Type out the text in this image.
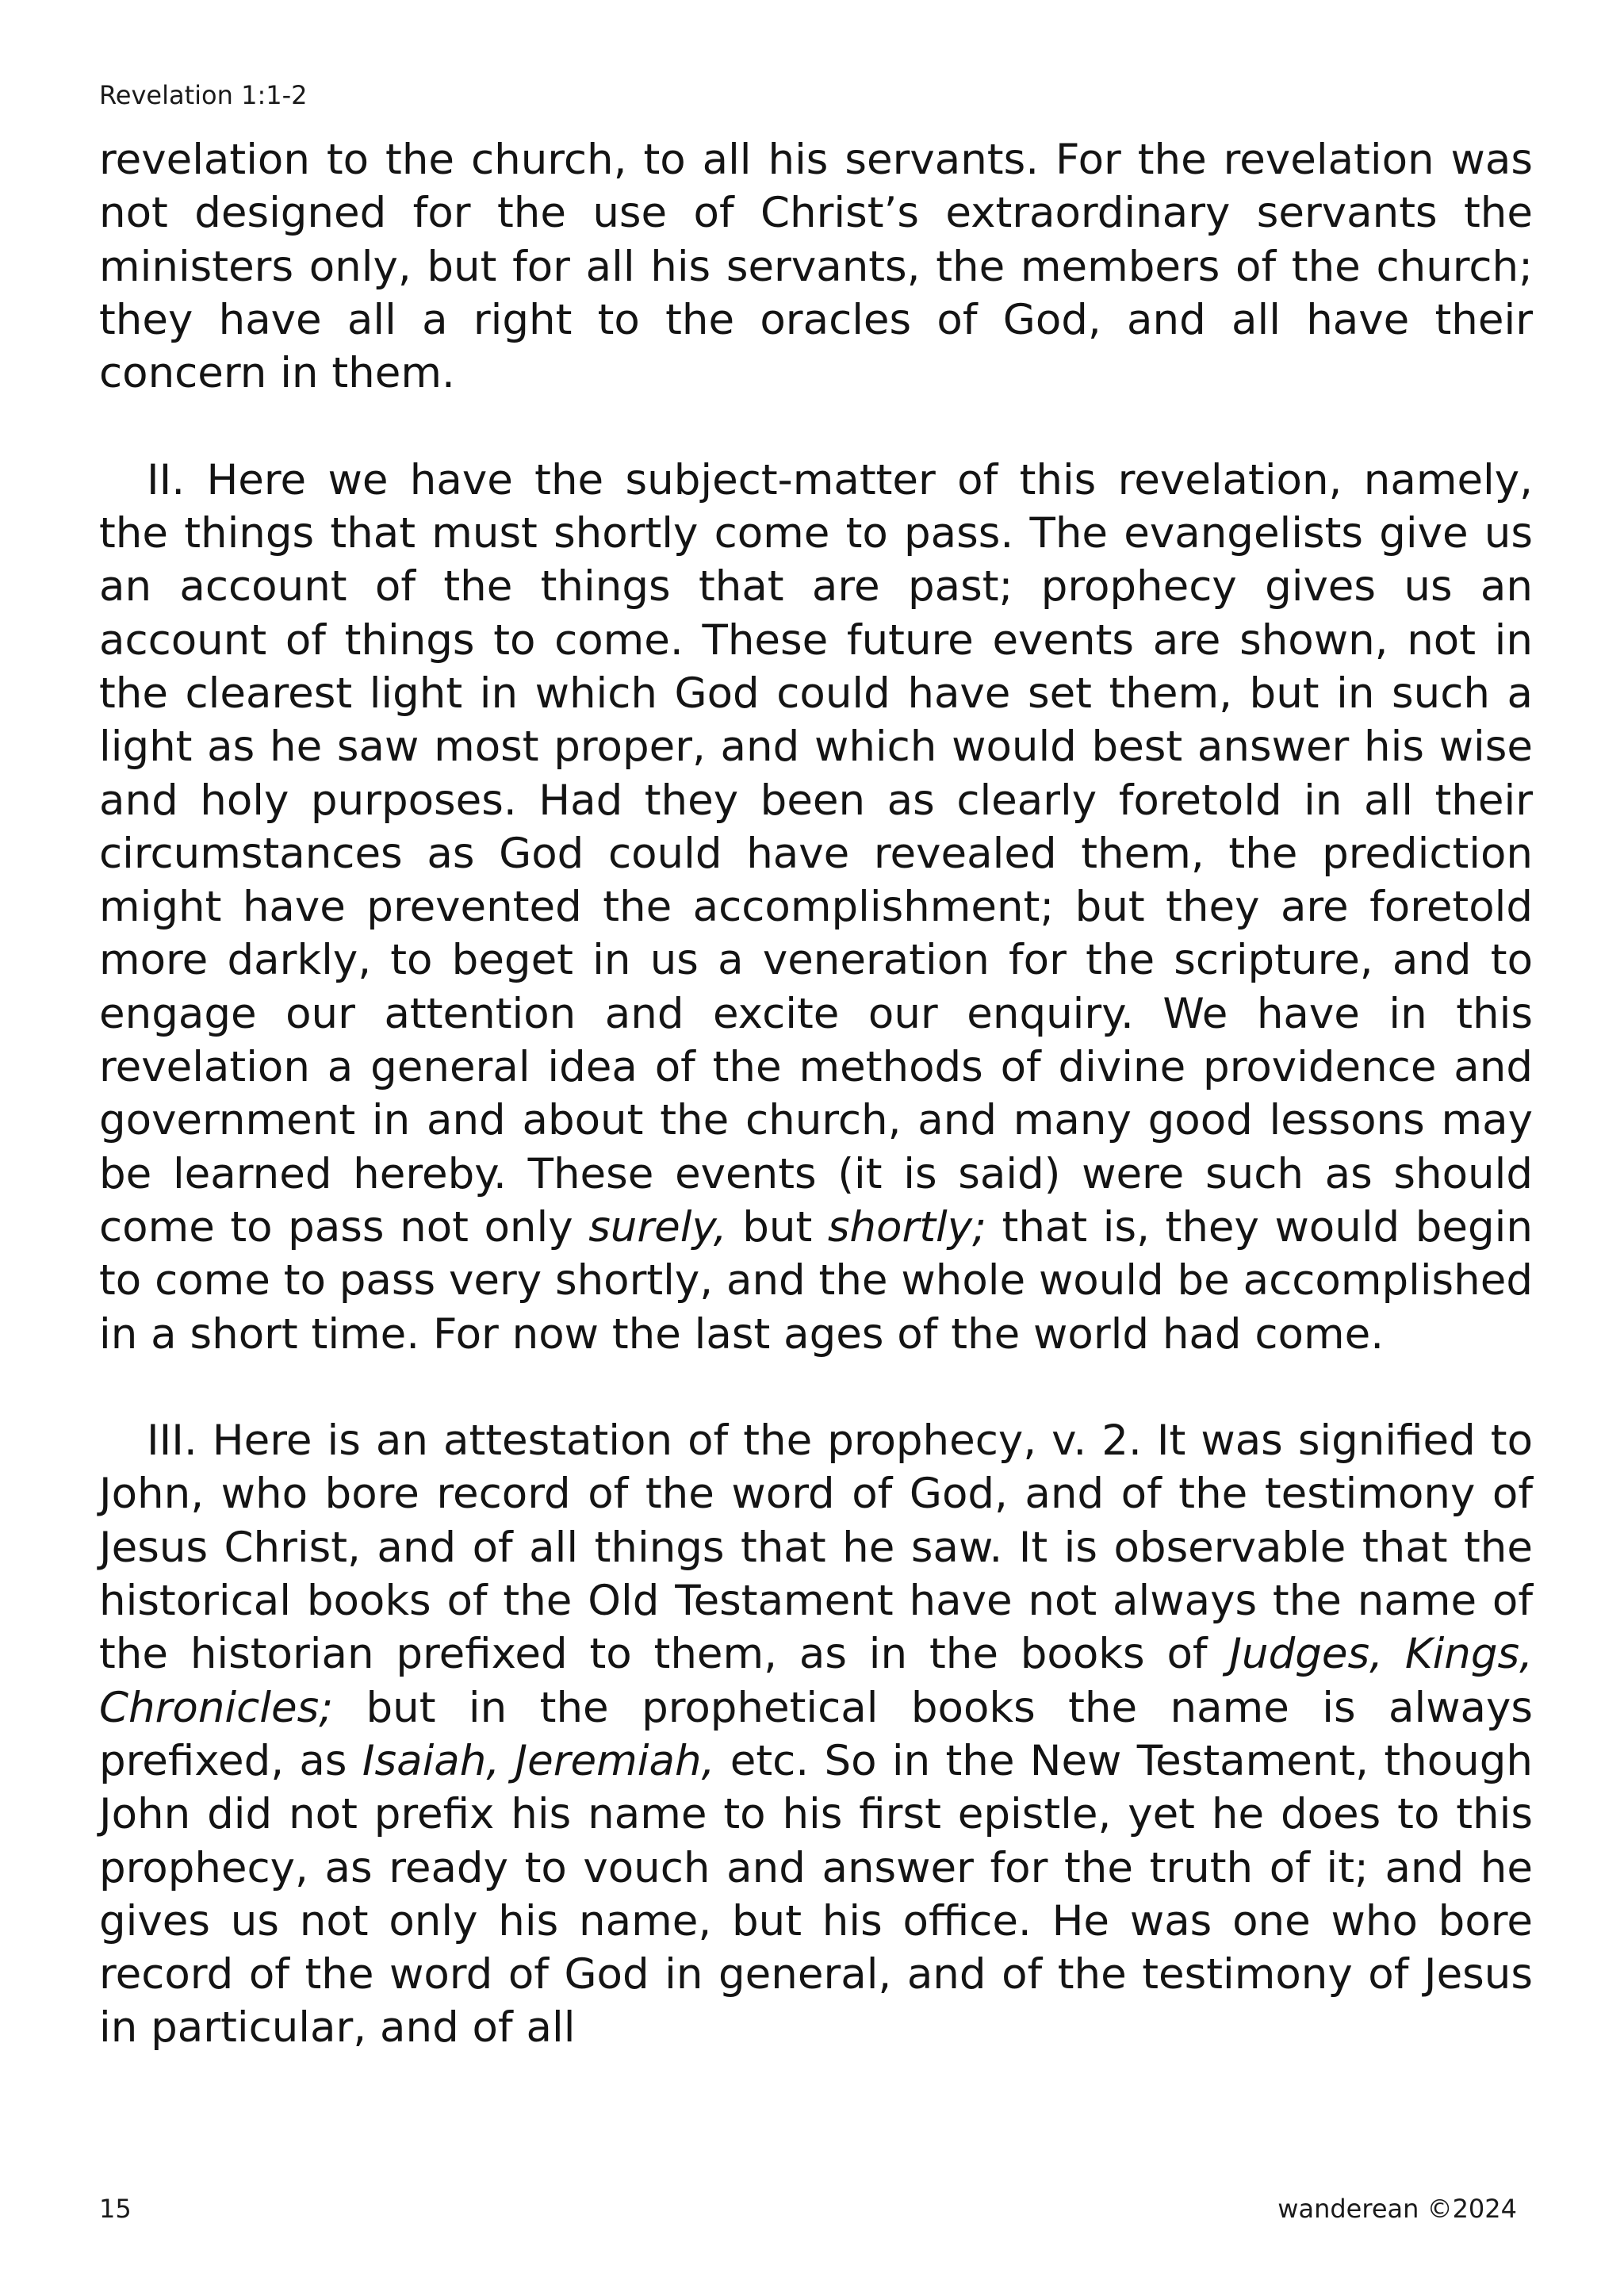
Revelation 1:1-2

revelation to the church, to all his servants. For the revelation was not designed for the use of Christ’s extraordinary servants the ministers only, but for all his servants, the members of the church; they have all a right to the oracles of God, and all have their concern in them.

II. Here we have the subject-matter of this revelation, namely, the things that must shortly come to pass. The evangelists give us an account of the things that are past; prophecy gives us an account of things to come. These future events are shown, not in the clearest light in which God could have set them, but in such a light as he saw most proper, and which would best answer his wise and holy purposes. Had they been as clearly foretold in all their circumstances as God could have revealed them, the prediction might have prevented the accomplishment; but they are foretold more darkly, to beget in us a veneration for the scripture, and to engage our attention and excite our enquiry. We have in this revelation a general idea of the methods of divine providence and government in and about the church, and many good lessons may be learned hereby. These events (it is said) were such as should come to pass not only surely, but shortly; that is, they would begin to come to pass very shortly, and the whole would be accomplished in a short time. For now the last ages of the world had come.

III. Here is an attestation of the prophecy, v. 2. It was signified to John, who bore record of the word of God, and of the testimony of Jesus Christ, and of all things that he saw. It is observable that the historical books of the Old Testament have not always the name of the historian prefixed to them, as in the books of Judges, Kings, Chronicles; but in the prophetical books the name is always prefixed, as Isaiah, Jeremiah, etc. So in the New Testament, though John did not prefix his name to his first epistle, yet he does to this prophecy, as ready to vouch and answer for the truth of it; and he gives us not only his name, but his office. He was one who bore record of the word of God in general, and of the testimony of Jesus in particular, and of all

15	wanderean ©2024
